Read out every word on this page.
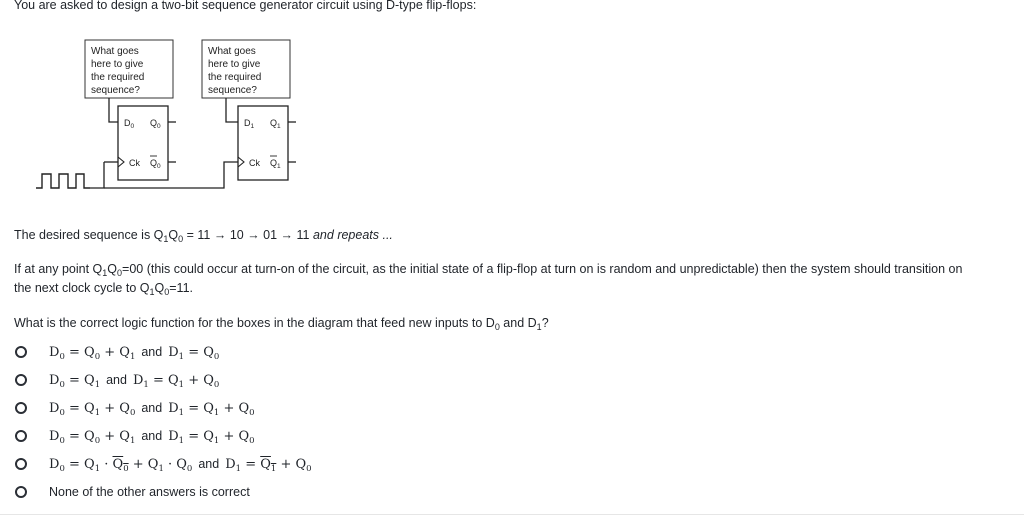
You are asked to design a two-bit sequence generator circuit using D-type flip-flops:
What goes
here to give
the required
sequence?
What goes
here to give
the required
sequence?
$D_0$ $Q_0$
Ck $Q_0$
$D_1$ $Q_1$
Ck $Q_1$
The desired sequence is $Q_1Q_0 = 11 \to 10 \to 01 \to 11$ and repeats ...
If at any point $Q_1Q_0=00$ (this could occur at turn-on of the circuit, as the initial state of a flip-flop at turn on is random and unpredictable) then the system should transition on
the next clock cycle to $Q_1Q_0=11$.
What is the correct logic function for the boxes in the diagram that feed new inputs to $D_0$ and $D_1$?
$D_0 = Q_0 + Q_1$ and $D_1 = Q_0$
$D_0 = Q_1$ and $D_1 = Q_1 + Q_0$
$D_0 = Q_1 + Q_0$ and $D_1 = Q_1 + Q_0$
$D_0 = Q_0 + Q_1$ and $D_1 = Q_1 + Q_0$
$D_0 = Q_1 \cdot Q_0 + Q_1 \cdot Q_0$ and $D_1 = Q_1 + Q_0$
None of the other answers is correct
